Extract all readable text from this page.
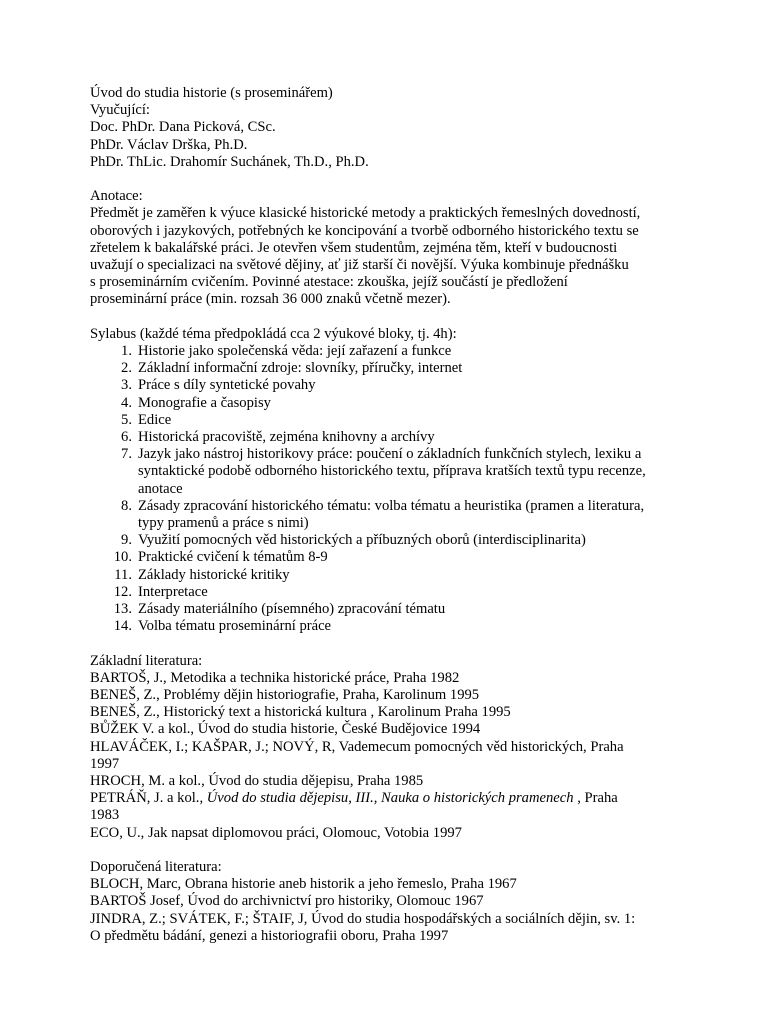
Úvod do studia historie (s proseminářem)
Vyučující:
Doc. PhDr. Dana Picková, CSc.
PhDr. Václav Drška, Ph.D.
PhDr. ThLic. Drahomír Suchánek, Th.D., Ph.D.
Anotace:
Předmět je zaměřen k výuce klasické historické metody a praktických řemeslných dovedností,
oborových i jazykových, potřebných ke koncipování a tvorbě odborného historického textu se
zřetelem k bakalářské práci. Je otevřen všem studentům, zejména těm, kteří v budoucnosti
uvažují o specializaci na světové dějiny, ať již starší či novější. Výuka kombinuje přednášku
s proseminárním cvičením. Povinné atestace: zkouška, jejíž součástí je předložení
proseminární práce (min. rozsah 36 000 znaků včetně mezer).
Sylabus (každé téma předpokládá cca 2 výukové bloky, tj. 4h):
1. Historie jako společenská věda: její zařazení a funkce
2. Základní informační zdroje: slovníky, příručky, internet
3. Práce s díly syntetické povahy
4. Monografie a časopisy
5. Edice
6. Historická pracoviště, zejména knihovny a archívy
7. Jazyk jako nástroj historikovy práce: poučení o základních funkčních stylech, lexiku a
syntaktické podobě odborného historického textu, příprava kratších textů typu recenze,
anotace
8. Zásady zpracování historického tématu: volba tématu a heuristika (pramen a literatura,
typy pramenů a práce s nimi)
9. Využití pomocných věd historických a příbuzných oborů (interdisciplinarita)
10. Praktické cvičení k tématům 8-9
11. Základy historické kritiky
12. Interpretace
13. Zásady materiálního (písemného) zpracování tématu
14. Volba tématu proseminární práce
Základní literatura:
BARTOŠ, J., Metodika a technika historické práce, Praha 1982
BENEŠ, Z., Problémy dějin historiografie, Praha, Karolinum 1995
BENEŠ, Z., Historický text a historická kultura , Karolinum Praha 1995
BŮŽEK V. a kol., Úvod do studia historie, České Budějovice 1994
HLAVÁČEK, I.; KAŠPAR, J.; NOVÝ, R, Vademecum pomocných věd historických, Praha
1997
HROCH, M. a kol., Úvod do studia dějepisu, Praha 1985
PETRÁŇ, J. a kol., Úvod do studia dějepisu, III., Nauka o historických pramenech , Praha
1983
ECO, U., Jak napsat diplomovou práci, Olomouc, Votobia 1997
Doporučená literatura:
BLOCH, Marc, Obrana historie aneb historik a jeho řemeslo, Praha 1967
BARTOŠ Josef, Úvod do archivnictví pro historiky, Olomouc 1967
JINDRA, Z.; SVÁTEK, F.; ŠTAIF, J, Úvod do studia hospodářských a sociálních dějin, sv. 1:
O předmětu bádání, genezi a historiografii oboru, Praha 1997
